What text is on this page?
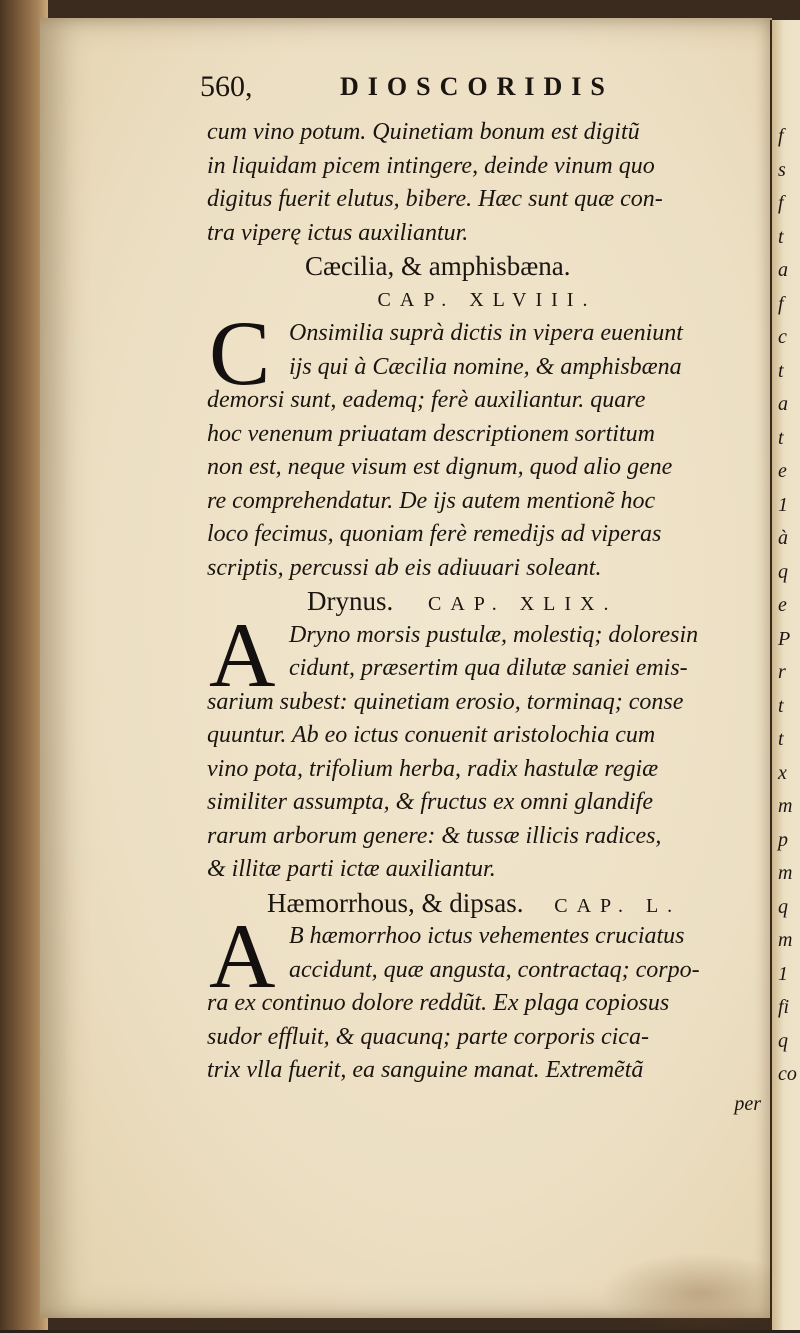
f
s
f
t
a
f
c
t
a
t
e
1
à
q
e
P
r
t
t
x
m
p
m
q
m
1
fi
q
co
560,	DIOSCORIDIS
cum vino potum. Quinetiam bonum est digitũ
in liquidam picem intingere, deinde vinum quo
digitus fuerit elutus, bibere. Hæc sunt quæ con-
tra viperę ictus auxiliantur.
Cæcilia, & amphisbæna.
CAP. XLVIII.
C Onsimilia suprà dictis in vipera eueniunt
ijs qui à Cæcilia nomine, & amphisbæna
demorsi sunt, eademq; ferè auxiliantur. quare
hoc venenum priuatam descriptionem sortitum
non est, neque visum est dignum, quod alio gene
re comprehendatur. De ijs autem mentionẽ hoc
loco fecimus, quoniam ferè remedijs ad viperas
scriptis, percussi ab eis adiuuari soleant.
Drynus. CAP. XLIX.
A Dryno morsis pustulæ, molestiq; doloresin
cidunt, præsertim qua dilutæ saniei emis-
sarium subest: quinetiam erosio, torminaq; conse
quuntur. Ab eo ictus conuenit aristolochia cum
vino pota, trifolium herba, radix hastulæ regiæ
similiter assumpta, & fructus ex omni glandife
rarum arborum genere: & tussæ illicis radices,
& illitæ parti ictæ auxiliantur.
Hæmorrhous, & dipsas. CAP. L.
A B hæmorrhoo ictus vehementes cruciatus
accidunt, quæ angusta, contractaq; corpo-
ra ex continuo dolore reddũt. Ex plaga copiosus
sudor effluit, & quacunq; parte corporis cica-
trix vlla fuerit, ea sanguine manat. Extremẽtã
per
